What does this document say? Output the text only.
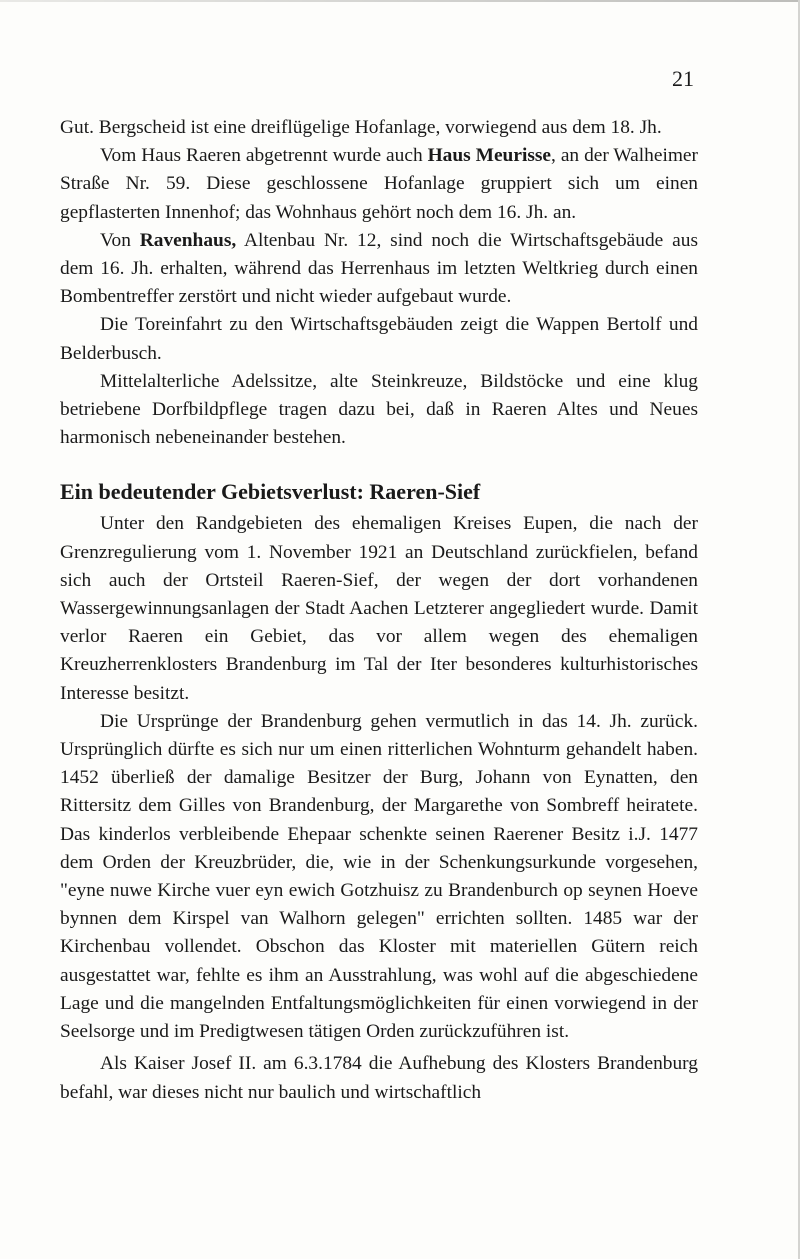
21

Gut. Bergscheid ist eine dreiflügelige Hofanlage, vorwiegend aus dem 18. Jh.

Vom Haus Raeren abgetrennt wurde auch Haus Meurisse, an der Walheimer Straße Nr. 59. Diese geschlossene Hofanlage gruppiert sich um einen gepflasterten Innenhof; das Wohnhaus gehört noch dem 16. Jh. an.

Von Ravenhaus, Altenbau Nr. 12, sind noch die Wirtschaftsgebäude aus dem 16. Jh. erhalten, während das Herrenhaus im letzten Weltkrieg durch einen Bombentreffer zerstört und nicht wieder aufgebaut wurde.

Die Toreinfahrt zu den Wirtschaftsgebäuden zeigt die Wappen Bertolf und Belderbusch.

Mittelalterliche Adelssitze, alte Steinkreuze, Bildstöcke und eine klug betriebene Dorfbildpflege tragen dazu bei, daß in Raeren Altes und Neues harmonisch nebeneinander bestehen.

Ein bedeutender Gebietsverlust: Raeren-Sief

Unter den Randgebieten des ehemaligen Kreises Eupen, die nach der Grenzregulierung vom 1. November 1921 an Deutschland zurückfielen, befand sich auch der Ortsteil Raeren-Sief, der wegen der dort vorhandenen Wassergewinnungsanlagen der Stadt Aachen Letzterer angegliedert wurde. Damit verlor Raeren ein Gebiet, das vor allem wegen des ehemaligen Kreuzherrenklosters Brandenburg im Tal der Iter besonderes kulturhistorisches Interesse besitzt.

Die Ursprünge der Brandenburg gehen vermutlich in das 14. Jh. zurück. Ursprünglich dürfte es sich nur um einen ritterlichen Wohnturm gehandelt haben. 1452 überließ der damalige Besitzer der Burg, Johann von Eynatten, den Rittersitz dem Gilles von Brandenburg, der Margarethe von Sombreff heiratete. Das kinderlos verbleibende Ehepaar schenkte seinen Raerener Besitz i.J. 1477 dem Orden der Kreuzbrüder, die, wie in der Schenkungsurkunde vorgesehen, "eyne nuwe Kirche vuer eyn ewich Gotzhuisz zu Brandenburch op seynen Hoeve bynnen dem Kirspel van Walhorn gelegen" errichten sollten. 1485 war der Kirchenbau vollendet. Obschon das Kloster mit materiellen Gütern reich ausgestattet war, fehlte es ihm an Ausstrahlung, was wohl auf die abgeschiedene Lage und die mangelnden Entfaltungsmöglichkeiten für einen vorwiegend in der Seelsorge und im Predigtwesen tätigen Orden zurückzuführen ist.

Als Kaiser Josef II. am 6.3.1784 die Aufhebung des Klosters Brandenburg befahl, war dieses nicht nur baulich und wirtschaftlich
